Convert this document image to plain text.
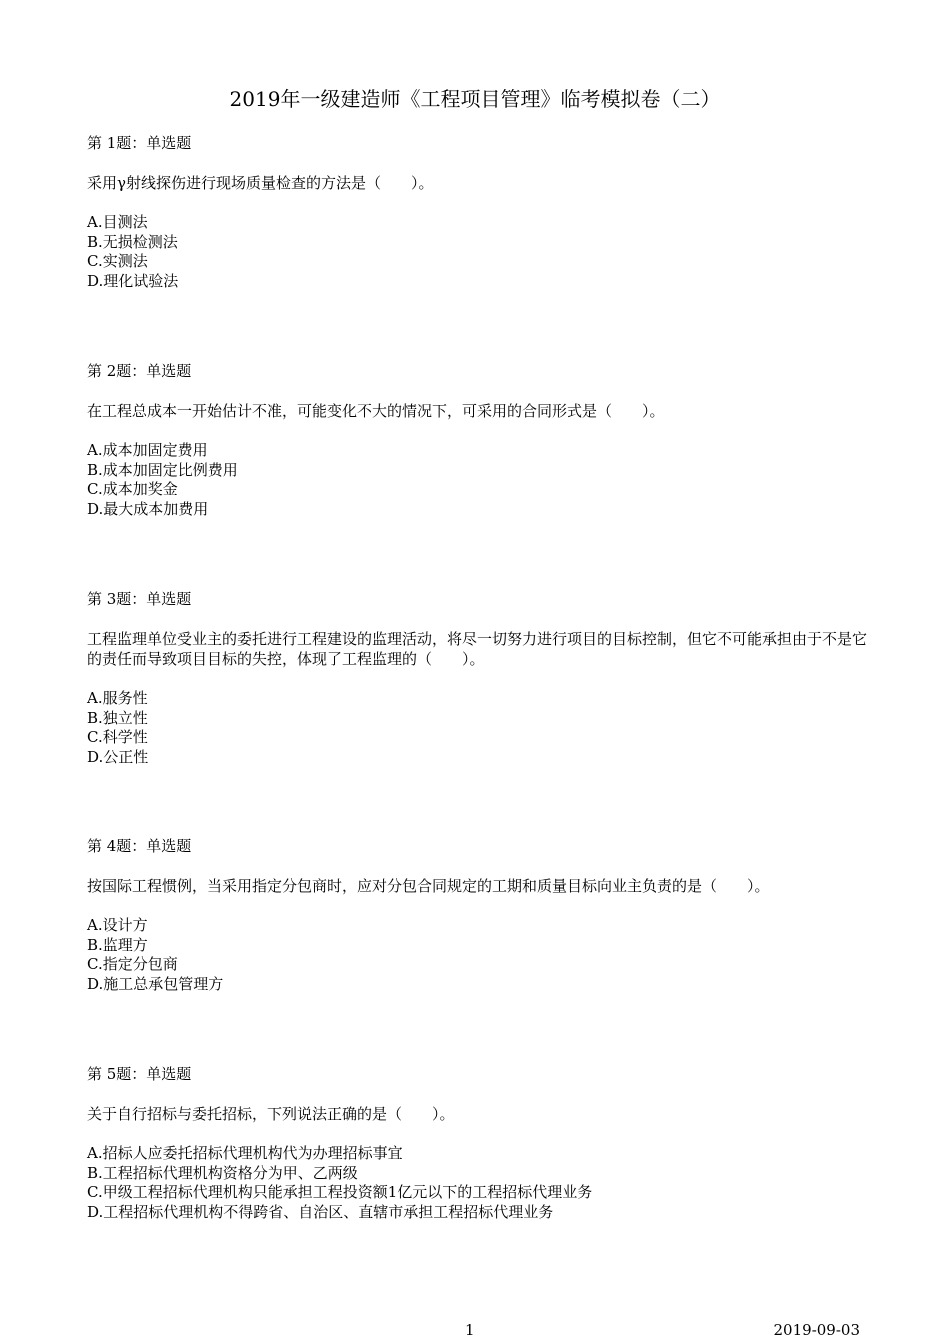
2019年一级建造师《工程项目管理》临考模拟卷（二）
第 1题：单选题
采用γ射线探伤进行现场质量检查的方法是（　　）。
A.目测法
B.无损检测法
C.实测法
D.理化试验法
第 2题：单选题
在工程总成本一开始估计不准，可能变化不大的情况下，可采用的合同形式是（　　）。
A.成本加固定费用
B.成本加固定比例费用
C.成本加奖金
D.最大成本加费用
第 3题：单选题
工程监理单位受业主的委托进行工程建设的监理活动，将尽一切努力进行项目的目标控制，但它不可能承担由于不是它的责任而导致项目目标的失控，体现了工程监理的（　　）。
A.服务性
B.独立性
C.科学性
D.公正性
第 4题：单选题
按国际工程惯例，当采用指定分包商时，应对分包合同规定的工期和质量目标向业主负责的是（　　）。
A.设计方
B.监理方
C.指定分包商
D.施工总承包管理方
第 5题：单选题
关于自行招标与委托招标，下列说法正确的是（　　）。
A.招标人应委托招标代理机构代为办理招标事宜
B.工程招标代理机构资格分为甲、乙两级
C.甲级工程招标代理机构只能承担工程投资额1亿元以下的工程招标代理业务
D.工程招标代理机构不得跨省、自治区、直辖市承担工程招标代理业务
1	2019-09-03
